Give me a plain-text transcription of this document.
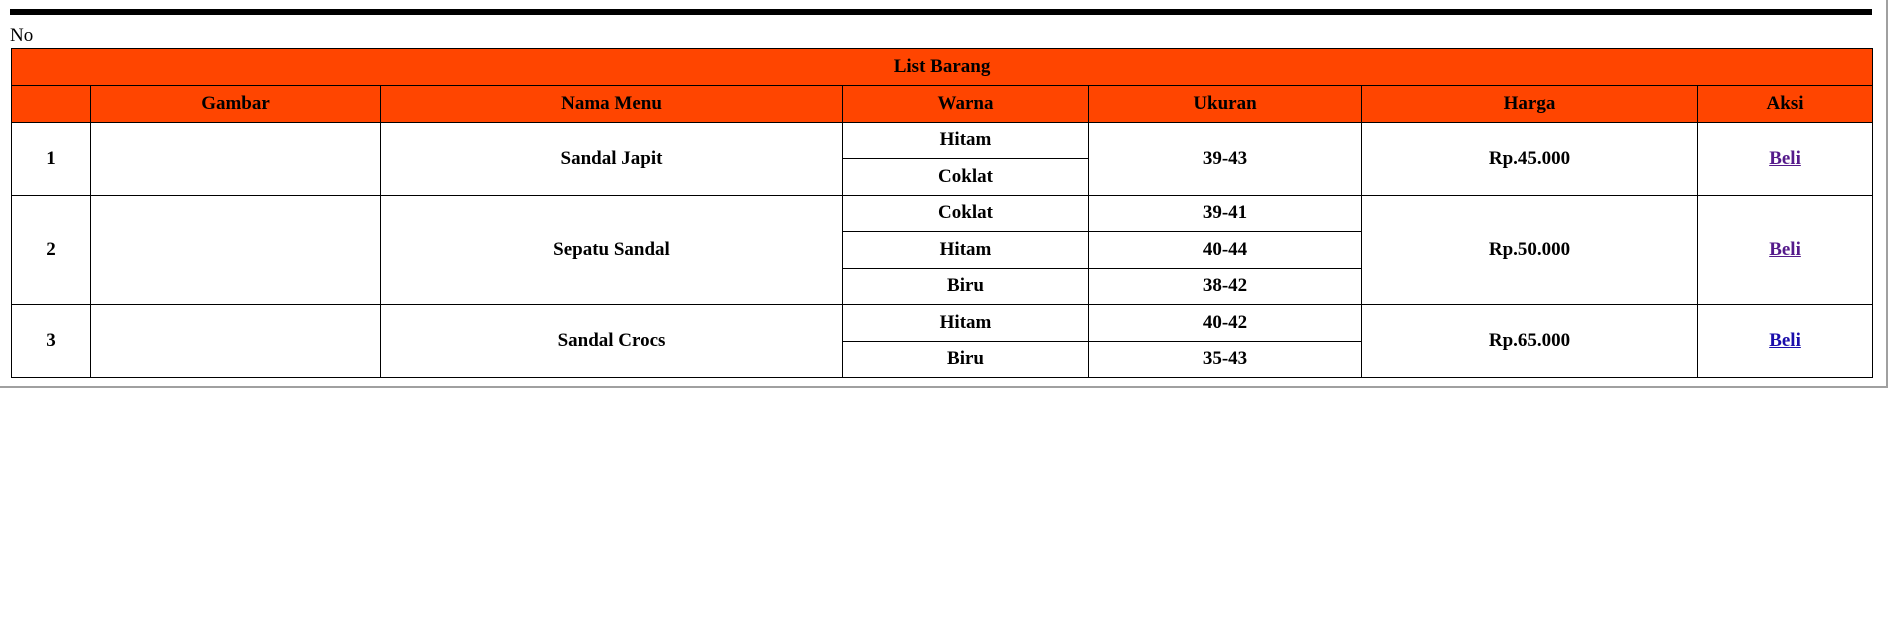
No
List Barang						
	Gambar	Nama Menu	Warna	Ukuran	Harga	Aksi
1		Sandal Japit	Hitam	39-43	Rp.45.000	Beli
			Coklat			
2		Sepatu Sandal	Coklat	39-41	Rp.50.000	Beli
			Hitam	40-44		
			Biru	38-42		
3		Sandal Crocs	Hitam	40-42	Rp.65.000	Beli
			Biru	35-43		
